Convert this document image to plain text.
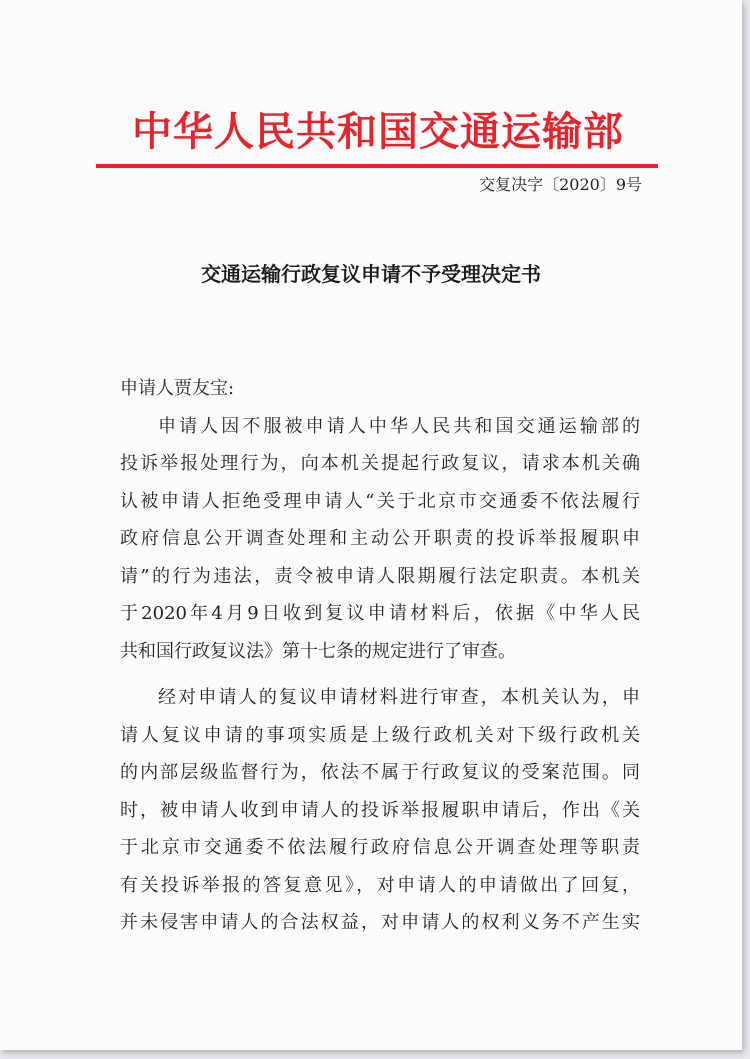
中华人民共和国交通运输部
交复决字〔2020〕9号
交通运输行政复议申请不予受理决定书
申请人贾友宝:

申请人因不服被申请人中华人民共和国交通运输部的
投诉举报处理行为，向本机关提起行政复议，请求本机关确
认被申请人拒绝受理申请人“关于北京市交通委不依法履行
政府信息公开调查处理和主动公开职责的投诉举报履职申
请”的行为违法，责令被申请人限期履行法定职责。本机关
于2020年4月9日收到复议申请材料后，依据《中华人民
共和国行政复议法》第十七条的规定进行了审查。

经对申请人的复议申请材料进行审查，本机关认为，申
请人复议申请的事项实质是上级行政机关对下级行政机关
的内部层级监督行为，依法不属于行政复议的受案范围。同
时，被申请人收到申请人的投诉举报履职申请后，作出《关
于北京市交通委不依法履行政府信息公开调查处理等职责
有关投诉举报的答复意见》，对申请人的申请做出了回复，
并未侵害申请人的合法权益，对申请人的权利义务不产生实
